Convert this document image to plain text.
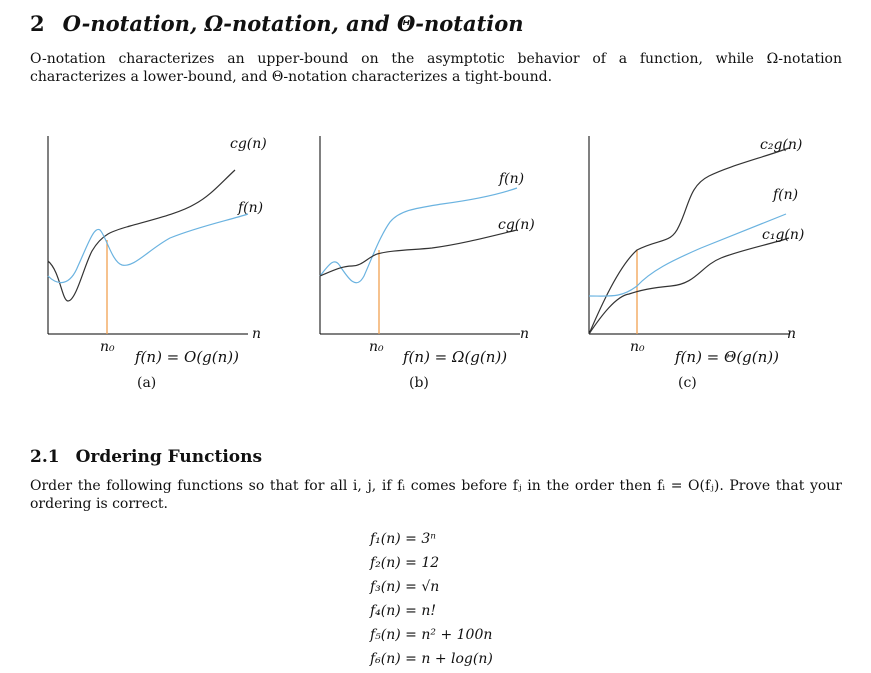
2 O-notation, Ω-notation, and Θ-notation
O-notation characterizes an upper-bound on the asymptotic behavior of a function, while Ω-notation characterizes a lower-bound, and Θ-notation characterizes a tight-bound.
cg(n)
f(n)
n
n₀
f(n) = O(g(n))
(a)
f(n)
cg(n)
n
n₀
f(n) = Ω(g(n))
(b)
c₂g(n)
f(n)
c₁g(n)
n
n₀
f(n) = Θ(g(n))
(c)
2.1 Ordering Functions
Order the following functions so that for all i, j, if fᵢ comes before fⱼ in the order then fᵢ = O(fⱼ). Prove that your ordering is correct.
f₁(n) = 3ⁿ
f₂(n) = 12
f₃(n) = √n
f₄(n) = n!
f₅(n) = n² + 100n
f₆(n) = n + log(n)
